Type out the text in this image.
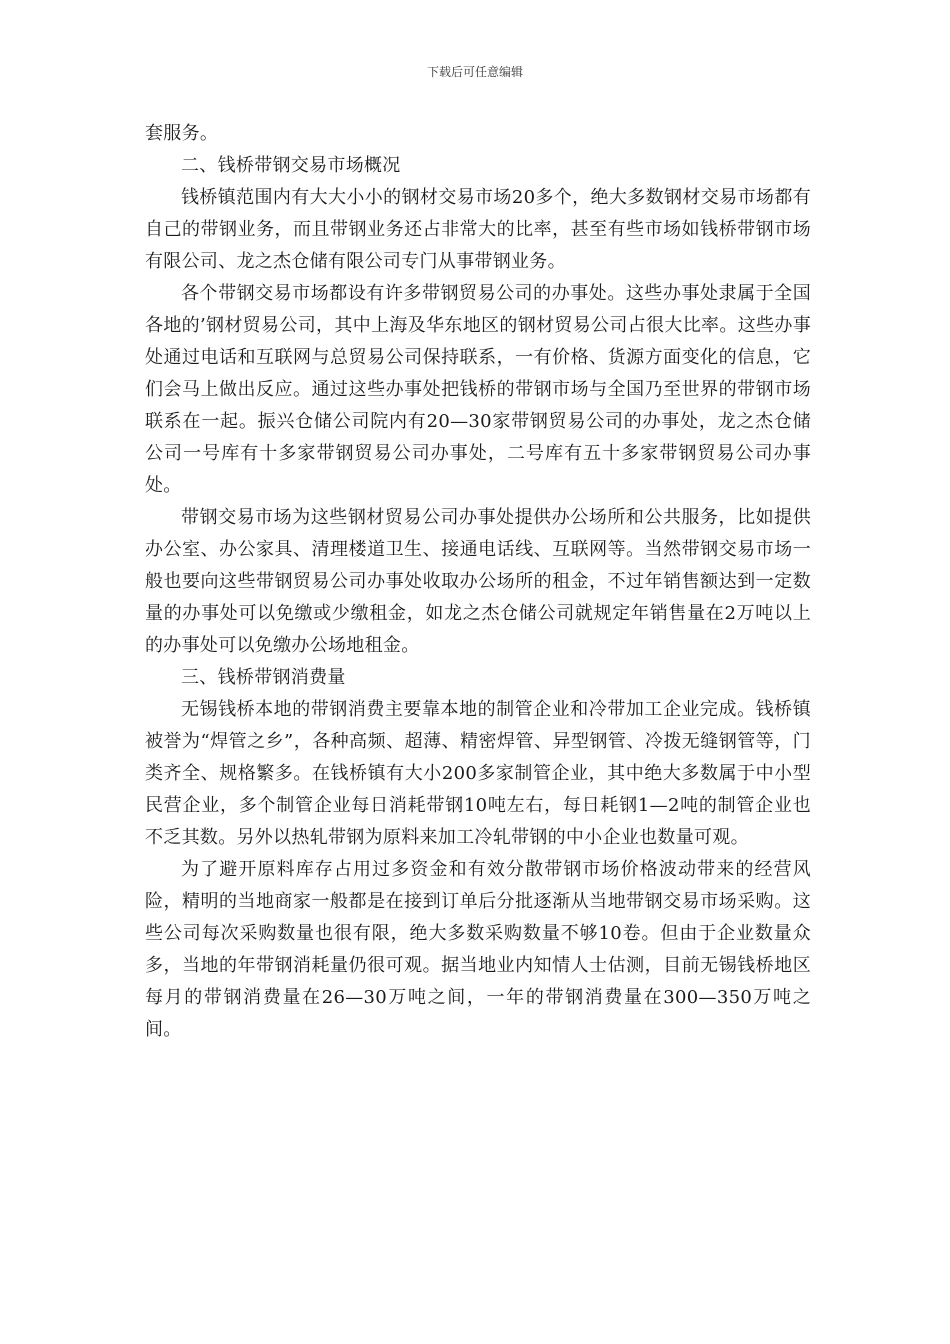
下载后可任意编辑

套服务。

二、钱桥带钢交易市场概况

钱桥镇范围内有大大小小的钢材交易市场20多个，绝大多数钢材交易市场都有自己的带钢业务，而且带钢业务还占非常大的比率，甚至有些市场如钱桥带钢市场有限公司、龙之杰仓储有限公司专门从事带钢业务。

各个带钢交易市场都设有许多带钢贸易公司的办事处。这些办事处隶属于全国各地的’钢材贸易公司，其中上海及华东地区的钢材贸易公司占很大比率。这些办事处通过电话和互联网与总贸易公司保持联系，一有价格、货源方面变化的信息，它们会马上做出反应。通过这些办事处把钱桥的带钢市场与全国乃至世界的带钢市场联系在一起。振兴仓储公司院内有20—30家带钢贸易公司的办事处，龙之杰仓储公司一号库有十多家带钢贸易公司办事处，二号库有五十多家带钢贸易公司办事处。

带钢交易市场为这些钢材贸易公司办事处提供办公场所和公共服务，比如提供办公室、办公家具、清理楼道卫生、接通电话线、互联网等。当然带钢交易市场一般也要向这些带钢贸易公司办事处收取办公场所的租金，不过年销售额达到一定数量的办事处可以免缴或少缴租金，如龙之杰仓储公司就规定年销售量在2万吨以上的办事处可以免缴办公场地租金。

三、钱桥带钢消费量

无锡钱桥本地的带钢消费主要靠本地的制管企业和冷带加工企业完成。钱桥镇被誉为“焊管之乡”，各种高频、超薄、精密焊管、异型钢管、冷拨无缝钢管等，门类齐全、规格繁多。在钱桥镇有大小200多家制管企业，其中绝大多数属于中小型民营企业，多个制管企业每日消耗带钢10吨左右，每日耗钢1—2吨的制管企业也不乏其数。另外以热轧带钢为原料来加工冷轧带钢的中小企业也数量可观。

为了避开原料库存占用过多资金和有效分散带钢市场价格波动带来的经营风险，精明的当地商家一般都是在接到订单后分批逐渐从当地带钢交易市场采购。这些公司每次采购数量也很有限，绝大多数采购数量不够10卷。但由于企业数量众多，当地的年带钢消耗量仍很可观。据当地业内知情人士估测，目前无锡钱桥地区每月的带钢消费量在26—30万吨之间，一年的带钢消费量在300—350万吨之间。
